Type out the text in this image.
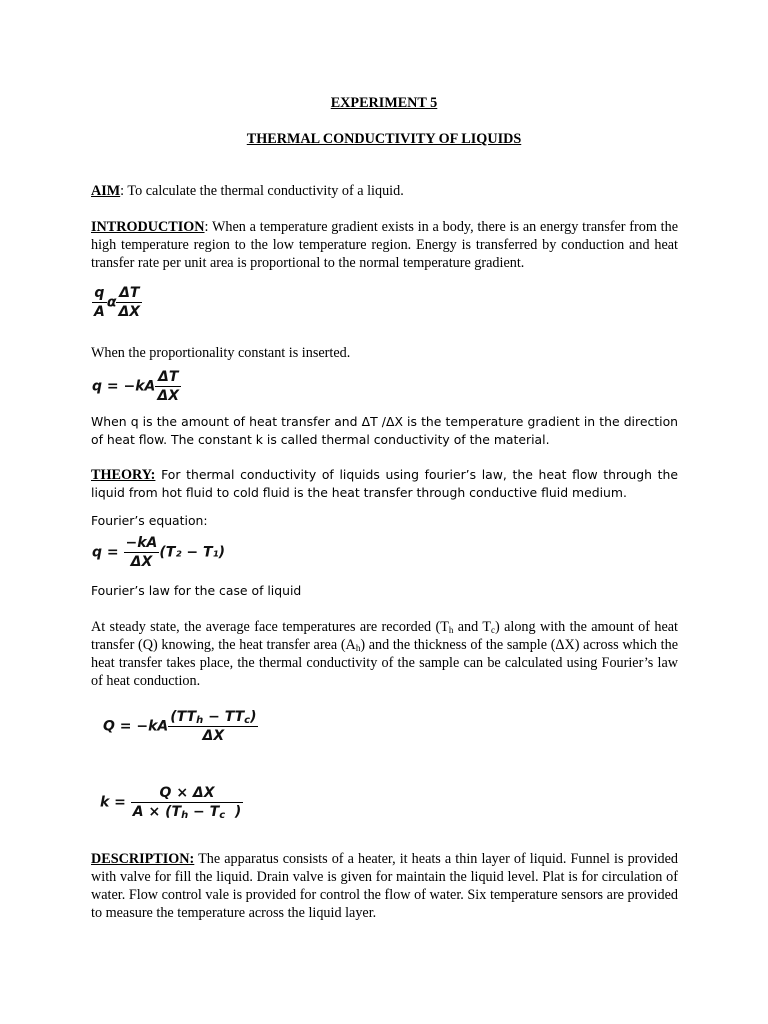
EXPERIMENT 5
THERMAL CONDUCTIVITY OF LIQUIDS

AIM: To calculate the thermal conductivity of a liquid.

INTRODUCTION: When a temperature gradient exists in a body, there is an energy transfer from the high temperature region to the low temperature region. Energy is transferred by conduction and heat transfer rate per unit area is proportional to the normal temperature gradient.

$\frac{q}{A}$ α $\frac{\Delta T}{\Delta X}$

When the proportionality constant is inserted.

$q = -kA \frac{\Delta T}{\Delta X}$

When q is the amount of heat transfer and ΔT /ΔX is the temperature gradient in the direction of heat flow. The constant k is called thermal conductivity of the material.

THEORY: For thermal conductivity of liquids using fourier’s law, the heat flow through the liquid from hot fluid to cold fluid is the heat transfer through conductive fluid medium.

Fourier’s equation:

$q = \frac{-kA}{\Delta X} (T_2 - T_1)$

Fourier’s law for the case of liquid

At steady state, the average face temperatures are recorded ($T_h$ and $T_c$) along with the amount of heat transfer (Q) knowing, the heat transfer area $(A_h)$ and the thickness of the sample (ΔX) across which the heat transfer takes place, the thermal conductivity of the sample can be calculated using Fourier’s law of heat conduction.

$Q = -kA \frac{(TT_h - TT_c)}{\Delta X}$
$k = \frac{Q \times \Delta X}{A \times (T_h - T_c )}$

DESCRIPTION: The apparatus consists of a heater, it heats a thin layer of liquid. Funnel is provided with valve for fill the liquid. Drain valve is given for maintain the liquid level. Plat is for circulation of water. Flow control vale is provided for control the flow of water. Six temperature sensors are provided to measure the temperature across the liquid layer.
